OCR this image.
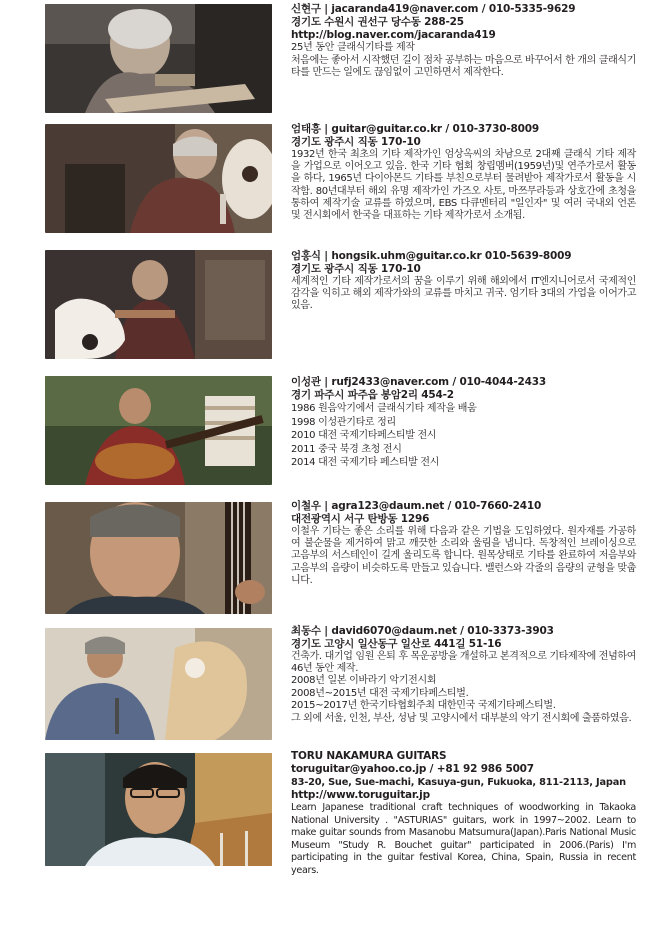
신현구 | jacaranda419@naver.com / 010-5335-9629
경기도 수원시 권선구 당수동 288-25
http://blog.naver.com/jacaranda419
25년 동안 클래식기타를 제작
처음에는 좋아서 시작했던 길이 점차 공부하는 마음으로 바꾸어서 한 개의 클래식기타를 만드는 일에도 끊임없이 고민하면서 제작한다.
엄태흥 | guitar@guitar.co.kr / 010-3730-8009
경기도 광주시 직동 170-10
1932년 한국 최초의 기타 제작가인 엄상옥씨의 차남으로 2대째 클래식 기타 제작을 가업으로 이어오고 있음. 한국 기타 협회 창립멤버(1959년)및 연주가로서 활동을 하다, 1965년 다이아몬드 기타를 부친으로부터 물려받아 제작가로서 활동을 시작함. 80년대부터 해외 유명 제작가인 가즈오 사토, 마쯔무라등과 상호간에 초청을 통하여 제작기술 교류를 하였으며, EBS 다큐멘터리 "일인자" 및 여러 국내외 언론및 전시회에서 한국을 대표하는 기타 제작가로서 소개됨.
엄홍식 | hongsik.uhm@guitar.co.kr 010-5639-8009
경기도 광주시 직동 170-10
세계적인 기타 제작가로서의 꿈을 이루기 위해 해외에서 IT엔지니어로서 국제적인 감각을 익히고 해외 제작가와의 교류를 마치고 귀국. 엄기타 3대의 가업을 이어가고 있음.
이성관 | rufj2433@naver.com / 010-4044-2433
경기 파주시 파주읍 봉암2리 454-2
1986 원음악기에서 클래식기타 제작을 배움
1998 이성관기타로 정리
2010 대전 국제기타페스티발 전시
2011 중국 북경 초청 전시
2014 대전 국제기타 페스티발 전시
이철우 | agra123@daum.net / 010-7660-2410
대전광역시 서구 탄방동 1296
이철우 기타는 좋은 소리를 위해 다음과 같은 기법을 도입하였다. 원자재를 가공하여 불순물을 제거하여 맑고 깨끗한 소리와 울림을 냅니다. 독창적인 브레이싱으로 고음부의 서스테인이 길게 울리도록 합니다. 원목상태로 기타를 완료하여 저음부와 고음부의 음량이 비슷하도록 만들고 있습니다. 밸런스와 각줄의 음량의 균형을 맞춥니다.
최동수 | david6070@daum.net / 010-3373-3903
경기도 고양시 일산동구 일산로 441길 51-16
건축가. 대기업 임원 은퇴 후 목운공방을 개설하고 본격적으로 기타제작에 전념하여 46년 동안 제작.
2008년 일본 이바라기 악기전시회
2008년~2015년 대전 국제기타페스티벌.
2015~2017년 한국기타협회주최 대한민국 국제기타페스티벌.
그 외에 서울, 인천, 부산, 성남 및 고양시에서 대부분의 악기 전시회에 출품하였음.
TORU NAKAMURA GUITARS
toruguitar@yahoo.co.jp / +81 92 986 5007
83-20, Sue, Sue-machi, Kasuya-gun, Fukuoka, 811-2113, Japan
http://www.toruguitar.jp
Learn Japanese traditional craft techniques of woodworking in Takaoka National University . "ASTURIAS" guitars, work in 1997~2002. Learn to make guitar sounds from Masanobu Matsumura(Japan).Paris National Music Museum "Study R. Bouchet guitar" participated in 2006.(Paris) I'm participating in the guitar festival Korea, China, Spain, Russia in recent years.
